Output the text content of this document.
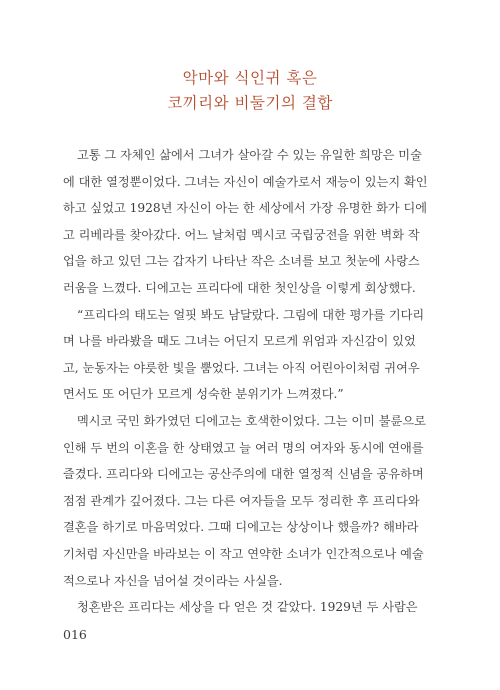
악마와 식인귀 혹은
코끼리와 비둘기의 결합
고통 그 자체인 삶에서 그녀가 살아갈 수 있는 유일한 희망은 미술
에 대한 열정뿐이었다. 그녀는 자신이 예술가로서 재능이 있는지 확인
하고 싶었고 1928년 자신이 아는 한 세상에서 가장 유명한 화가 디에
고 리베라를 찾아갔다. 어느 날처럼 멕시코 국립궁전을 위한 벽화 작
업을 하고 있던 그는 갑자기 나타난 작은 소녀를 보고 첫눈에 사랑스
러움을 느꼈다. 디에고는 프리다에 대한 첫인상을 이렇게 회상했다.
“프리다의 태도는 얼핏 봐도 남달랐다. 그림에 대한 평가를 기다리
며 나를 바라봤을 때도 그녀는 어딘지 모르게 위엄과 자신감이 있었
고, 눈동자는 야릇한 빛을 뿜었다. 그녀는 아직 어린아이처럼 귀여우
면서도 또 어딘가 모르게 성숙한 분위기가 느껴졌다.”
멕시코 국민 화가였던 디에고는 호색한이었다. 그는 이미 불륜으로
인해 두 번의 이혼을 한 상태였고 늘 여러 명의 여자와 동시에 연애를
즐겼다. 프리다와 디에고는 공산주의에 대한 열정적 신념을 공유하며
점점 관계가 깊어졌다. 그는 다른 여자들을 모두 정리한 후 프리다와
결혼을 하기로 마음먹었다. 그때 디에고는 상상이나 했을까? 해바라
기처럼 자신만을 바라보는 이 작고 연약한 소녀가 인간적으로나 예술
적으로나 자신을 넘어설 것이라는 사실을.
청혼받은 프리다는 세상을 다 얻은 것 같았다. 1929년 두 사람은
016
